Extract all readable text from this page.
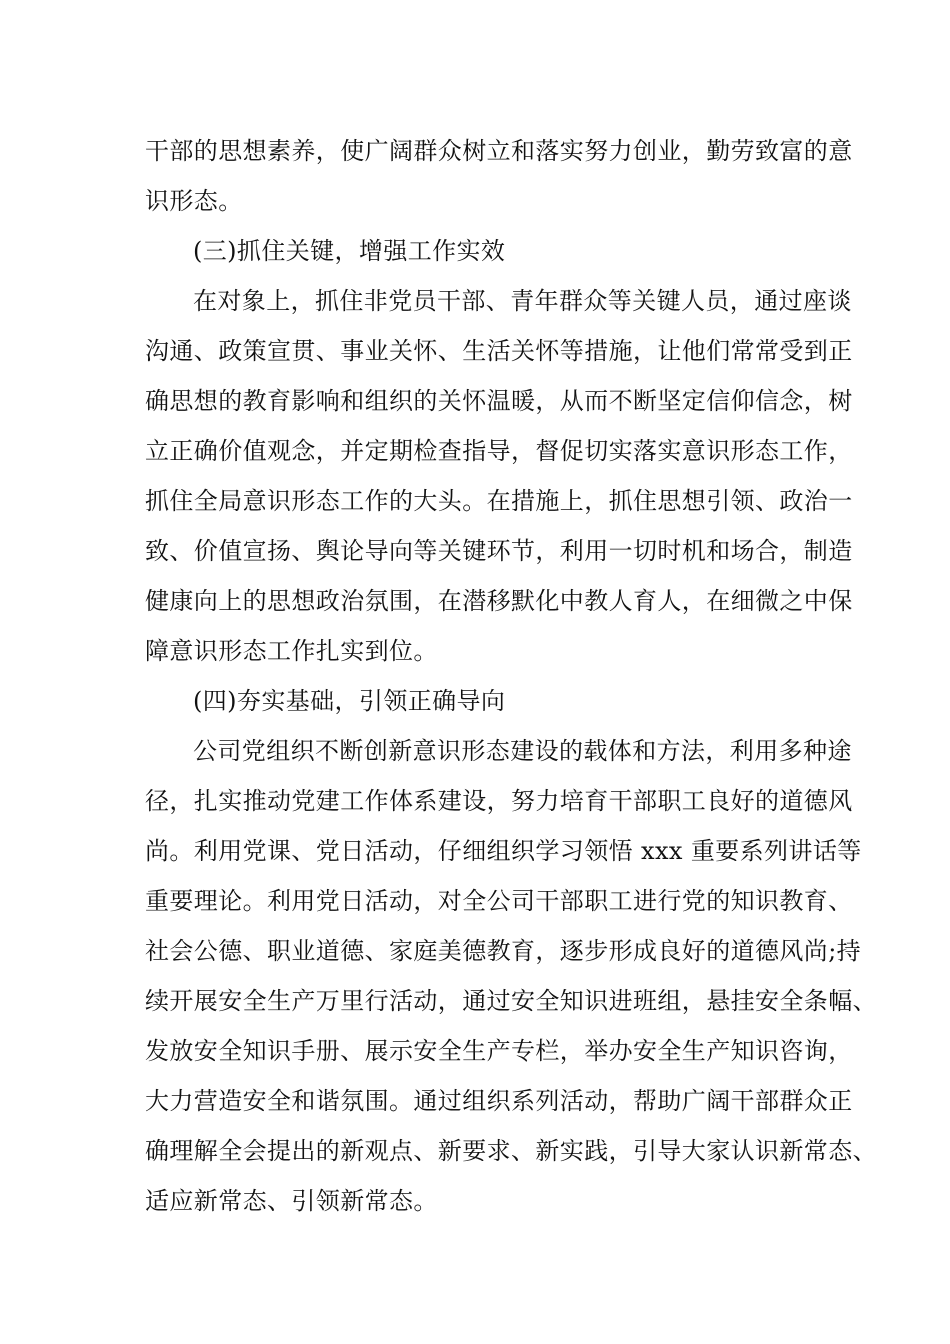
干部的思想素养，使广阔群众树立和落实努力创业，勤劳致富的意
识形态。
(三)抓住关键，增强工作实效
在对象上，抓住非党员干部、青年群众等关键人员，通过座谈
沟通、政策宣贯、事业关怀、生活关怀等措施，让他们常常受到正
确思想的教育影响和组织的关怀温暖，从而不断坚定信仰信念，树
立正确价值观念，并定期检查指导，督促切实落实意识形态工作，
抓住全局意识形态工作的大头。在措施上，抓住思想引领、政治一
致、价值宣扬、舆论导向等关键环节，利用一切时机和场合，制造
健康向上的思想政治氛围，在潜移默化中教人育人，在细微之中保
障意识形态工作扎实到位。
(四)夯实基础，引领正确导向
公司党组织不断创新意识形态建设的载体和方法，利用多种途
径，扎实推动党建工作体系建设，努力培育干部职工良好的道德风
尚。利用党课、党日活动，仔细组织学习领悟 xxx 重要系列讲话等
重要理论。利用党日活动，对全公司干部职工进行党的知识教育、
社会公德、职业道德、家庭美德教育，逐步形成良好的道德风尚;持
续开展安全生产万里行活动，通过安全知识进班组，悬挂安全条幅、
发放安全知识手册、展示安全生产专栏，举办安全生产知识咨询，
大力营造安全和谐氛围。通过组织系列活动，帮助广阔干部群众正
确理解全会提出的新观点、新要求、新实践，引导大家认识新常态、
适应新常态、引领新常态。
